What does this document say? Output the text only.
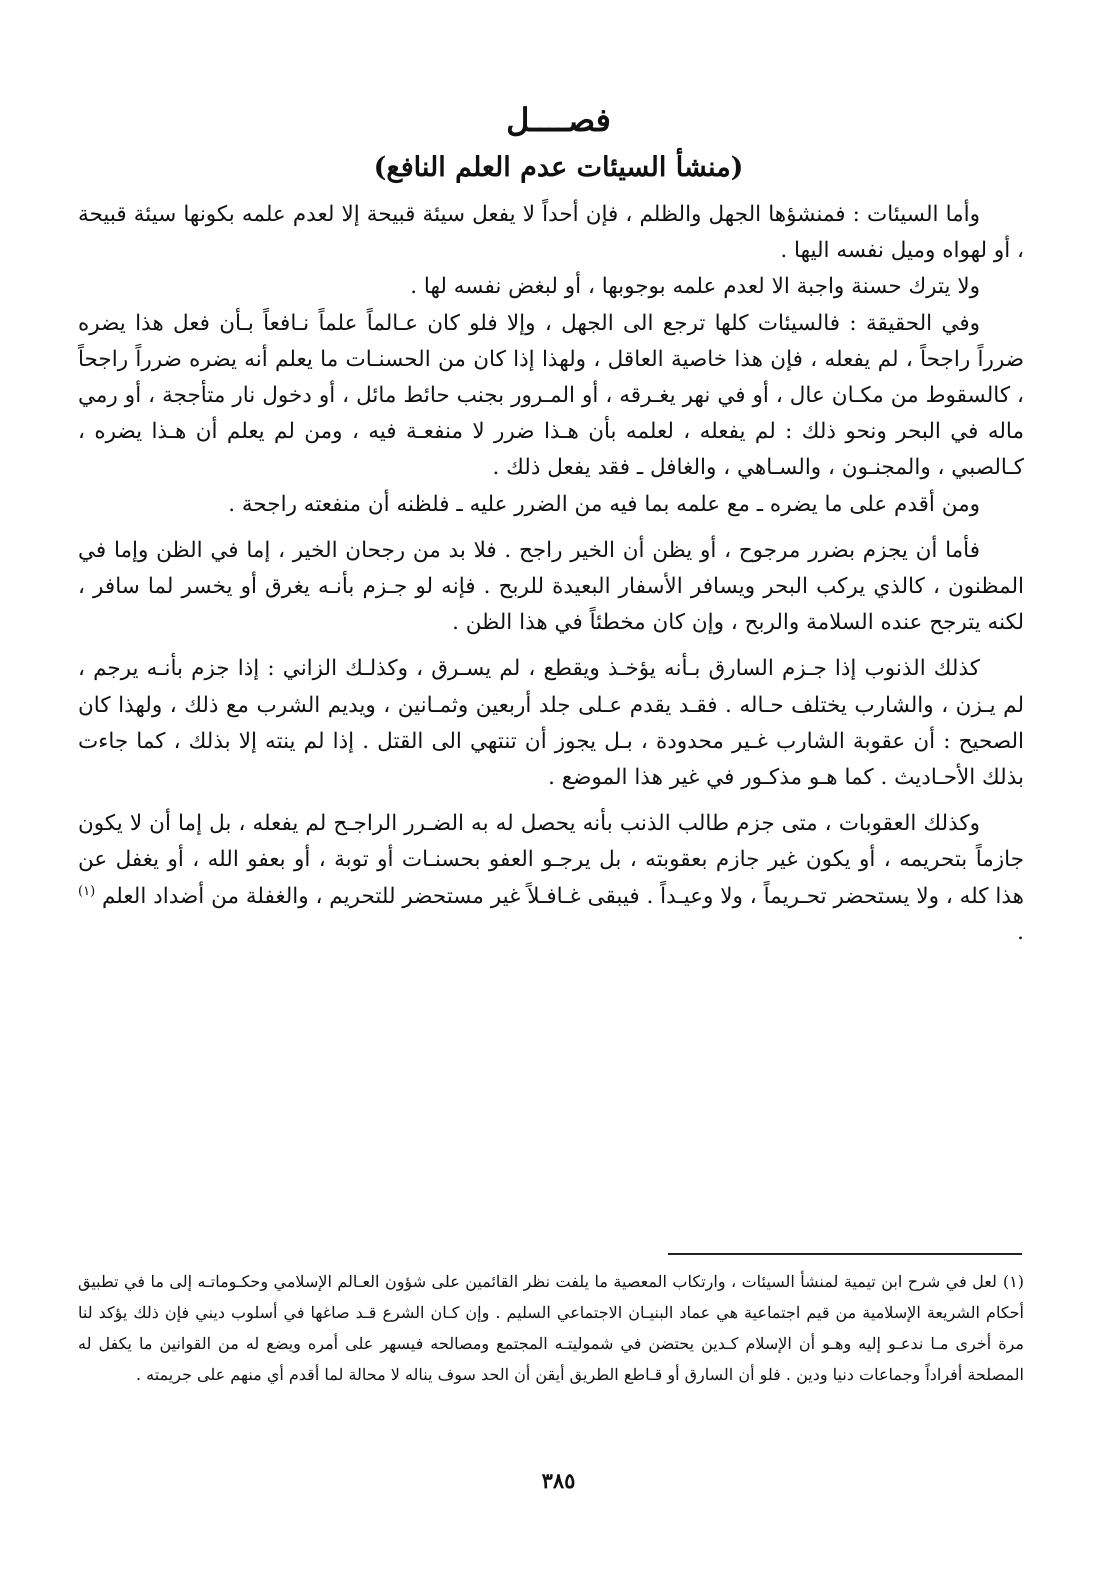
فصــــل
(منشأ السيئات عدم العلم النافع)

وأما السيئات : فمنشؤها الجهل والظلم ، فإن أحداً لا يفعل سيئة قبيحة إلا لعدم علمه بكونها سيئة قبيحة ، أو لهواه وميل نفسه اليها .

ولا يترك حسنة واجبة الا لعدم علمه بوجوبها ، أو لبغض نفسه لها .

وفي الحقيقة : فالسيئات كلها ترجع الى الجهل ، وإلا فلو كان عـالماً علماً نـافعاً بـأن فعل هذا يضره ضرراً راجحاً ، لم يفعله ، فإن هذا خاصية العاقل ، ولهذا إذا كان من الحسنـات ما يعلم أنه يضره ضرراً راجحاً ، كالسقوط من مكـان عال ، أو في نهر يغـرقه ، أو المـرور بجنب حائط مائل ، أو دخول نار متأججة ، أو رمي ماله في البحر ونحو ذلك : لم يفعله ، لعلمه بأن هـذا ضرر لا منفعـة فيه ، ومن لم يعلم أن هـذا يضره ، كـالصبي ، والمجنـون ، والسـاهي ، والغافل ـ فقد يفعل ذلك .

ومن أقدم على ما يضره ـ مع علمه بما فيه من الضرر عليه ـ فلظنه أن منفعته راجحة .

فأما أن يجزم بضرر مرجوح ، أو يظن أن الخير راجح . فلا بد من رجحان الخير ، إما في الظن وإما في المظنون ، كالذي يركب البحر ويسافر الأسفار البعيدة للربح . فإنه لو جـزم بأنـه يغرق أو يخسر لما سافر ، لكنه يترجح عنده السلامة والربح ، وإن كان مخطئاً في هذا الظن .

كذلك الذنوب إذا جـزم السارق بـأنه يؤخـذ ويقطع ، لم يسـرق ، وكذلـك الزاني : إذا جزم بأنـه يرجم ، لم يـزن ، والشارب يختلف حـاله . فقـد يقدم عـلى جلد أربعين وثمـانين ، ويديم الشرب مع ذلك ، ولهذا كان الصحيح : أن عقوبة الشارب غـير محدودة ، بـل يجوز أن تنتهي الى القتل . إذا لم ينته إلا بذلك ، كما جاءت بذلك الأحـاديث . كما هـو مذكـور في غير هذا الموضع .

وكذلك العقوبات ، متى جزم طالب الذنب بأنه يحصل له به الضـرر الراجـح لم يفعله ، بل إما أن لا يكون جازماً بتحريمه ، أو يكون غير جازم بعقوبته ، بل يرجـو العفو بحسنـات أو توبة ، أو بعفو الله ، أو يغفل عن هذا كله ، ولا يستحضر تحـريماً ، ولا وعيـداً . فيبقى غـافـلاً غير مستحضر للتحريم ، والغفلة من أضداد العلم $^{(١)}$ .

(١)لعل في شرح ابن تيمية لمنشأ السيئات ، وارتكاب المعصية ما يلفت نظر القائمين على شؤون العـالم الإسلامي وحكـوماتـه إلى ما في تطبيق أحكام الشريعة الإسلامية من قيم اجتماعية هي عماد البنيـان الاجتماعي السليم . وإن كـان الشرع قـد صاغها في أسلوب ديني فإن ذلك يؤكد لنا مرة أخرى مـا ندعـو إليه وهـو أن الإسلام كـدين يحتضن في شموليتـه المجتمع ومصالحه فيسهر على أمره ويضع له من القوانين ما يكفل له المصلحة أفراداً وجماعات دنيا ودين . فلو أن السارق أو قـاطع الطريق أيقن أن الحد سوف يناله لا محالة لما أقدم أي منهم على جريمته .

٣٨٥
